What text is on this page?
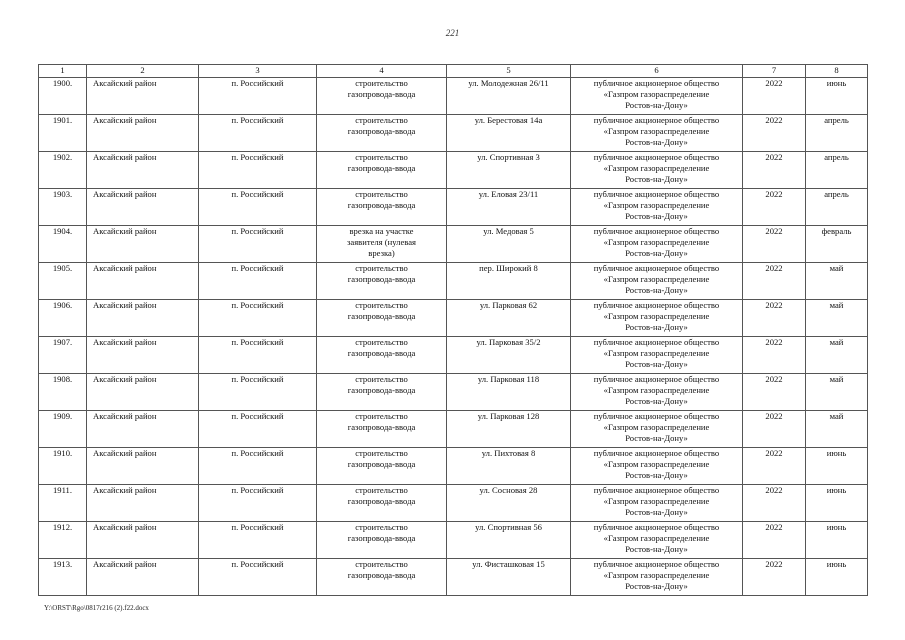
221
1	2	3	4	5	6	7	8
1900.	Аксайский район	п. Российский	строительство
газопровода-ввода	ул. Молодежная 26/11	публичное акционерное общество
«Газпром газораспределение
Ростов-на-Дону»	2022	июнь
1901.	Аксайский район	п. Российский	строительство
газопровода-ввода	ул. Берестовая 14а	публичное акционерное общество
«Газпром газораспределение
Ростов-на-Дону»	2022	апрель
1902.	Аксайский район	п. Российский	строительство
газопровода-ввода	ул. Спортивная 3	публичное акционерное общество
«Газпром газораспределение
Ростов-на-Дону»	2022	апрель
1903.	Аксайский район	п. Российский	строительство
газопровода-ввода	ул. Еловая 23/11	публичное акционерное общество
«Газпром газораспределение
Ростов-на-Дону»	2022	апрель
1904.	Аксайский район	п. Российский	врезка на участке
заявителя (нулевая
врезка)	ул. Медовая 5	публичное акционерное общество
«Газпром газораспределение
Ростов-на-Дону»	2022	февраль
1905.	Аксайский район	п. Российский	строительство
газопровода-ввода	пер. Широкий 8	публичное акционерное общество
«Газпром газораспределение
Ростов-на-Дону»	2022	май
1906.	Аксайский район	п. Российский	строительство
газопровода-ввода	ул. Парковая 62	публичное акционерное общество
«Газпром газораспределение
Ростов-на-Дону»	2022	май
1907.	Аксайский район	п. Российский	строительство
газопровода-ввода	ул. Парковая 35/2	публичное акционерное общество
«Газпром газораспределение
Ростов-на-Дону»	2022	май
1908.	Аксайский район	п. Российский	строительство
газопровода-ввода	ул. Парковая 118	публичное акционерное общество
«Газпром газораспределение
Ростов-на-Дону»	2022	май
1909.	Аксайский район	п. Российский	строительство
газопровода-ввода	ул. Парковая 128	публичное акционерное общество
«Газпром газораспределение
Ростов-на-Дону»	2022	май
1910.	Аксайский район	п. Российский	строительство
газопровода-ввода	ул. Пихтовая 8	публичное акционерное общество
«Газпром газораспределение
Ростов-на-Дону»	2022	июнь
1911.	Аксайский район	п. Российский	строительство
газопровода-ввода	ул. Сосновая 28	публичное акционерное общество
«Газпром газораспределение
Ростов-на-Дону»	2022	июнь
1912.	Аксайский район	п. Российский	строительство
газопровода-ввода	ул. Спортивная 56	публичное акционерное общество
«Газпром газораспределение
Ростов-на-Дону»	2022	июнь
1913.	Аксайский район	п. Российский	строительство
газопровода-ввода	ул. Фисташковая 15	публичное акционерное общество
«Газпром газораспределение
Ростов-на-Дону»	2022	июнь
Y:\ORST\Rgo\0817r216 (2).f22.docx
